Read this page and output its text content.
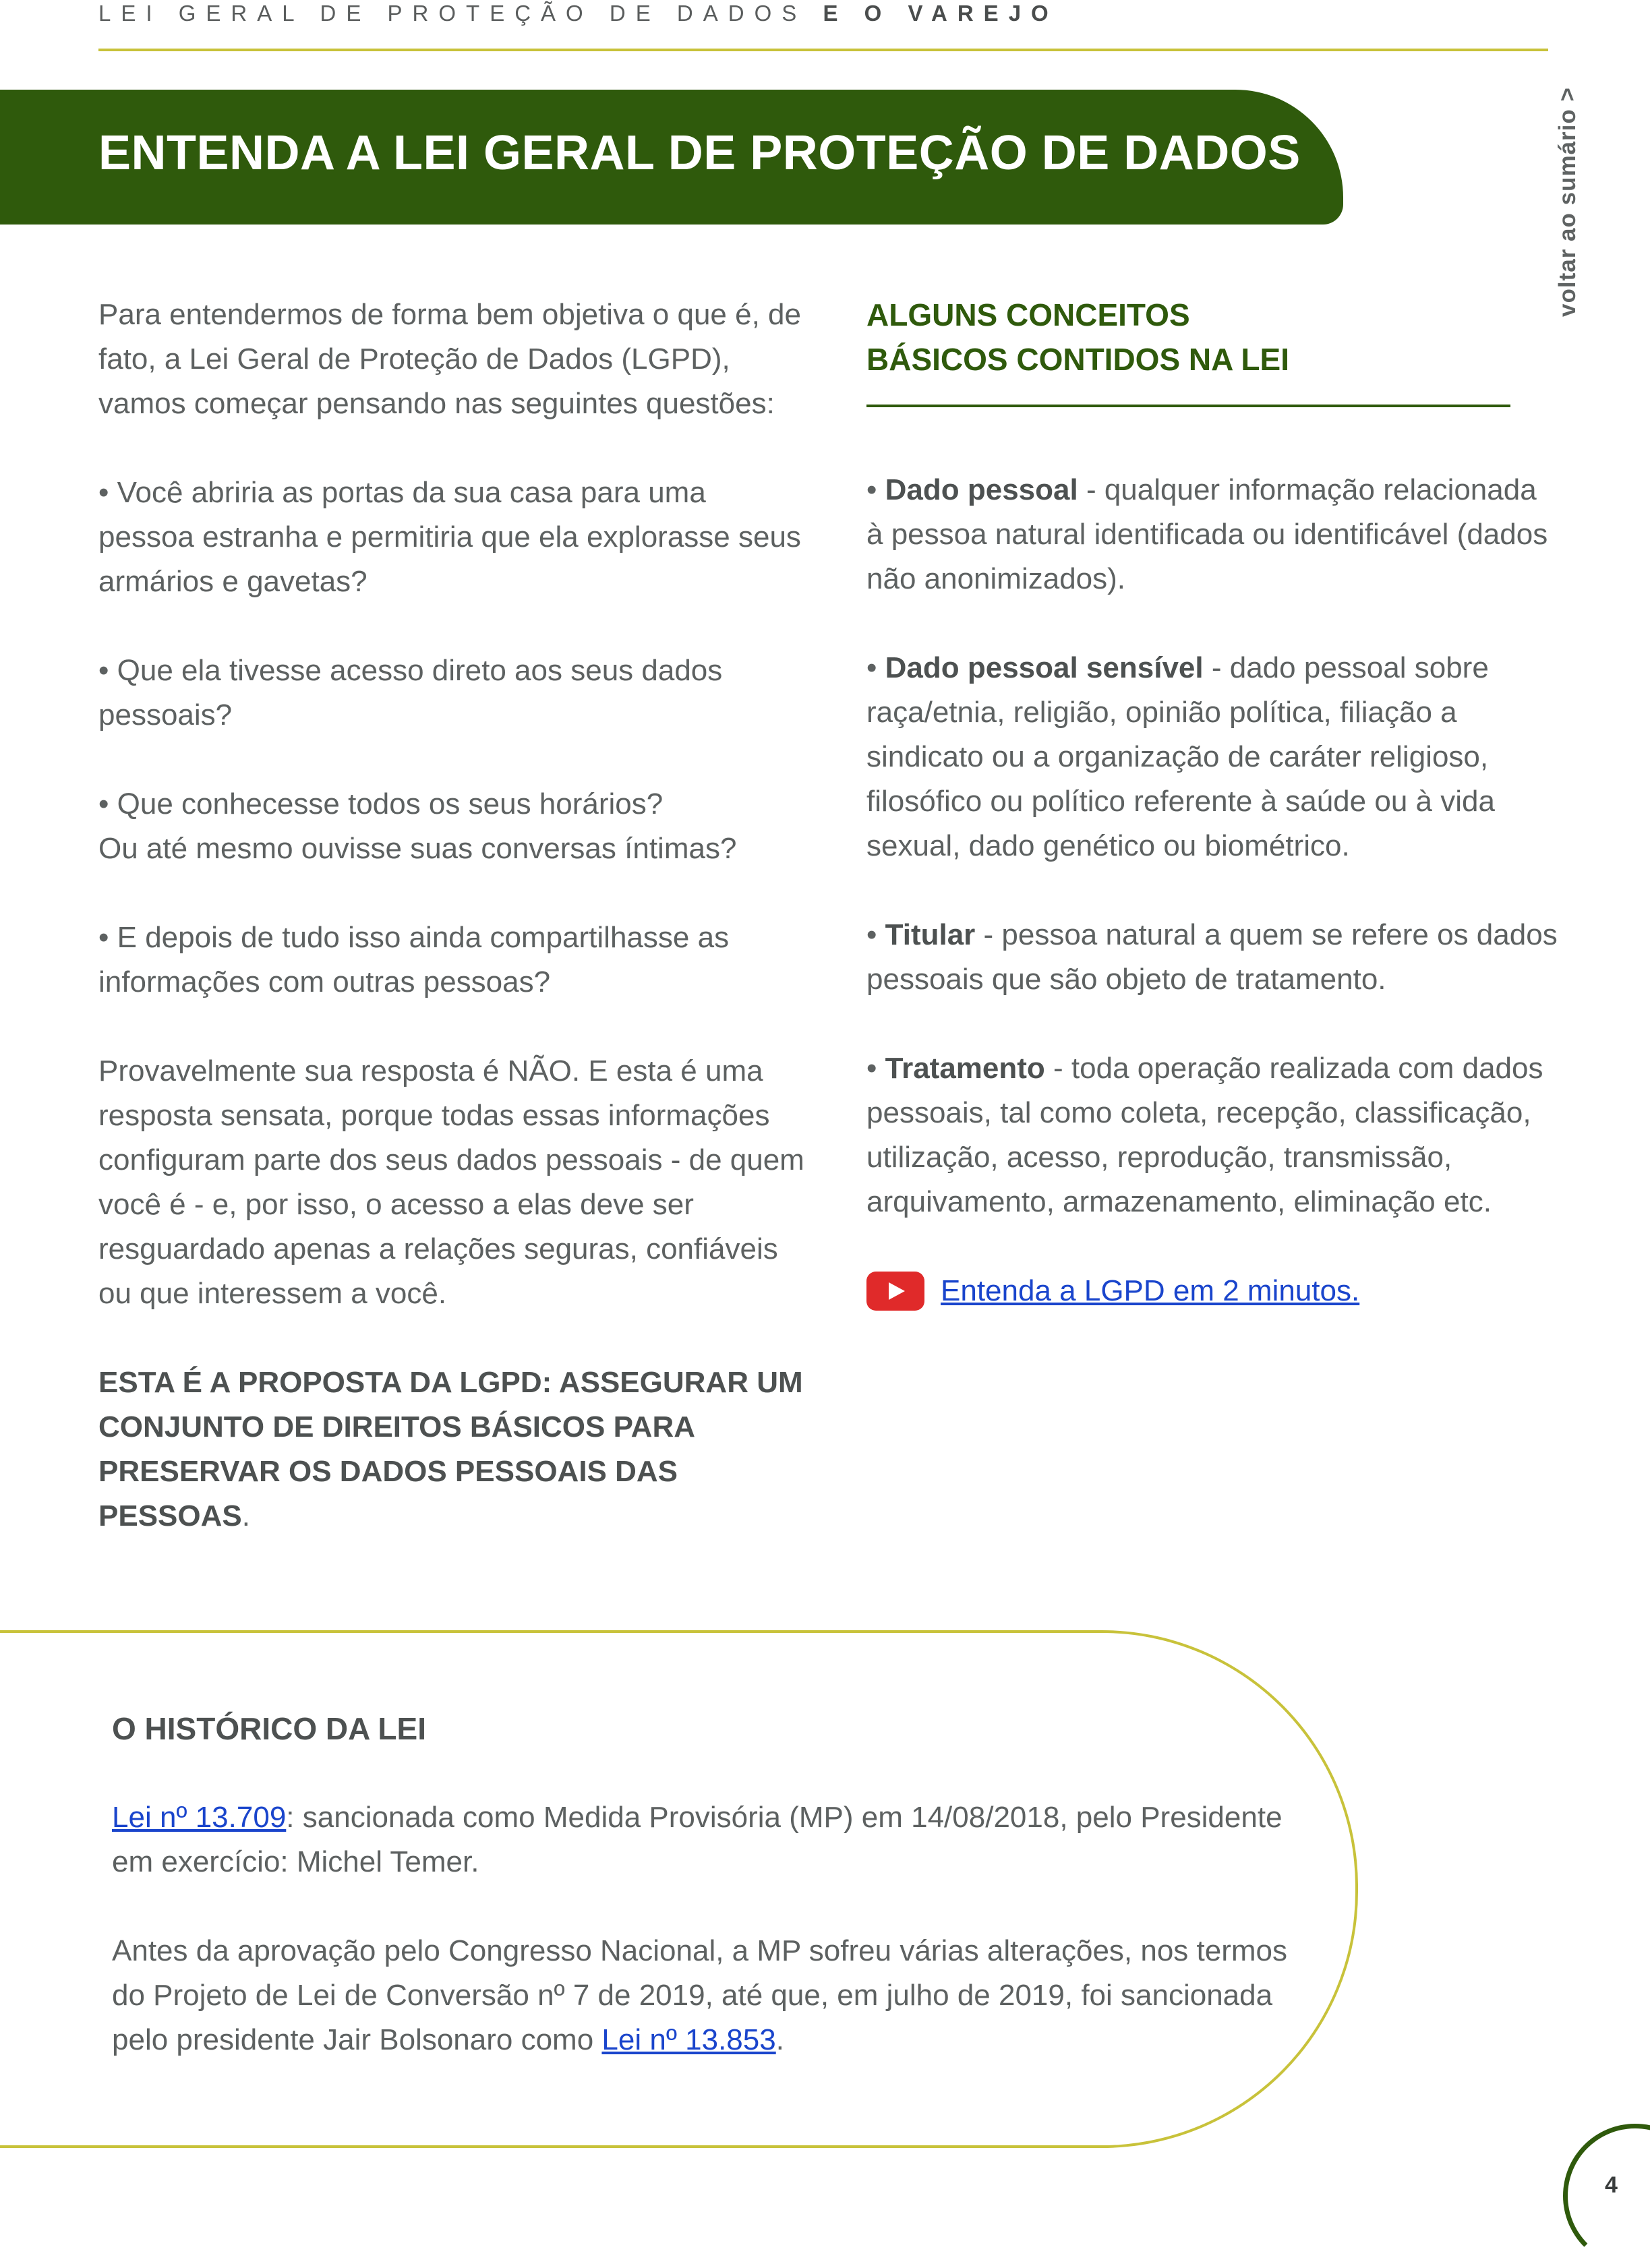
LEI GERAL DE PROTEÇÃO DE DADOS E O VAREJO
voltar ao sumário >
ENTENDA A LEI GERAL DE PROTEÇÃO DE DADOS

Para entendermos de forma bem objetiva o que é, de fato, a Lei Geral de Proteção de Dados (LGPD), vamos começar pensando nas seguintes questões:

• Você abriria as portas da sua casa para uma pessoa estranha e permitiria que ela explorasse seus armários e gavetas?

• Que ela tivesse acesso direto aos seus dados pessoais?

• Que conhecesse todos os seus horários?
Ou até mesmo ouvisse suas conversas íntimas?

• E depois de tudo isso ainda compartilhasse as informações com outras pessoas?

Provavelmente sua resposta é NÃO. E esta é uma resposta sensata, porque todas essas informações configuram parte dos seus dados pessoais - de quem você é - e, por isso, o acesso a elas deve ser resguardado apenas a relações seguras, confiáveis ou que interessem a você.

ESTA É A PROPOSTA DA LGPD: ASSEGURAR UM CONJUNTO DE DIREITOS BÁSICOS PARA PRESERVAR OS DADOS PESSOAIS DAS PESSOAS.

ALGUNS CONCEITOS
BÁSICOS CONTIDOS NA LEI

• Dado pessoal - qualquer informação relacionada à pessoa natural identificada ou identificável (dados não anonimizados).

• Dado pessoal sensível - dado pessoal sobre raça/etnia, religião, opinião política, filiação a sindicato ou a organização de caráter religioso, filosófico ou político referente à saúde ou à vida sexual, dado genético ou biométrico.

• Titular - pessoa natural a quem se refere os dados pessoais que são objeto de tratamento.

• Tratamento - toda operação realizada com dados pessoais, tal como coleta, recepção, classificação, utilização, acesso, reprodução, transmissão, arquivamento, armazenamento, eliminação etc.

Entenda a LGPD em 2 minutos.

O HISTÓRICO DA LEI

Lei nº 13.709: sancionada como Medida Provisória (MP) em 14/08/2018, pelo Presidente em exercício: Michel Temer.

Antes da aprovação pelo Congresso Nacional, a MP sofreu várias alterações, nos termos do Projeto de Lei de Conversão nº 7 de 2019, até que, em julho de 2019, foi sancionada pelo presidente Jair Bolsonaro como Lei nº 13.853.

4
